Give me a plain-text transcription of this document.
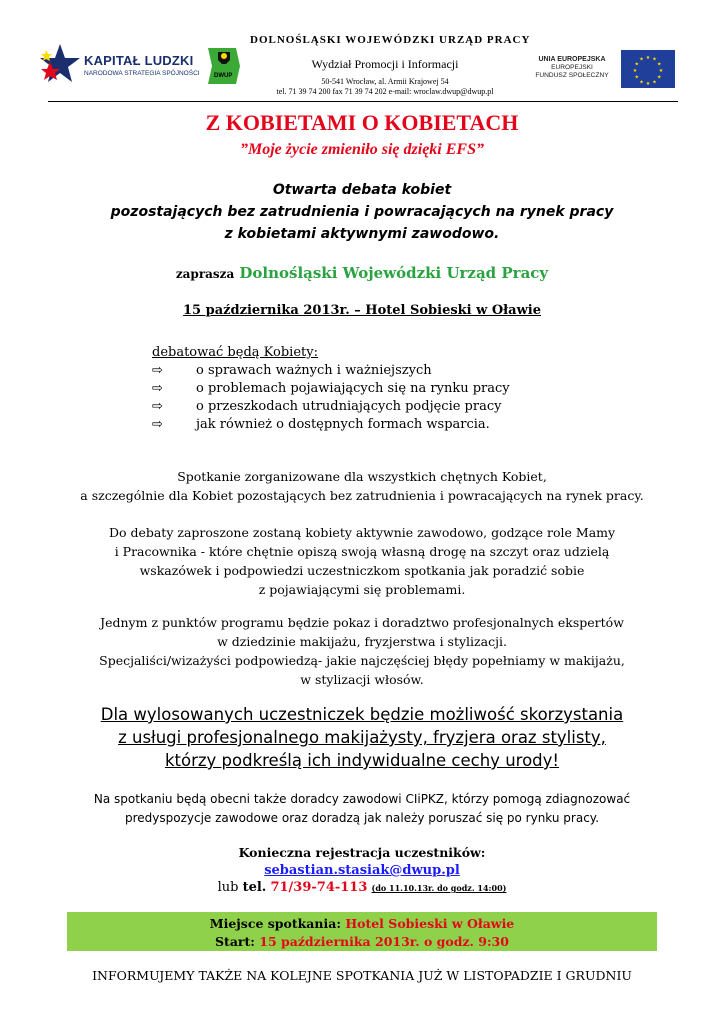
KAPITAŁ LUDZKI
NARODOWA STRATEGIA SPÓJNOŚCI DWUP
DOLNOŚLĄSKI WOJEWÓDZKI URZĄD PRACY
Wydział Promocji i Informacji
50-541 Wrocław, al. Armii Krajowej 54
tel. 71 39 74 200 fax 71 39 74 202 e-mail: wroclaw.dwup@dwup.pl
UNIA EUROPEJSKA
EUROPEJSKI
FUNDUSZ SPOŁECZNY
★ ★
★
★
★
★
★
★
★
★
★
★
Z KOBIETAMI O KOBIETACH
”Moje życie zmieniło się dzięki EFS”
Otwarta debata kobiet
pozostających bez zatrudnienia i powracających na rynek pracy
z kobietami aktywnymi zawodowo.
zaprasza Dolnośląski Wojewódzki Urząd Pracy
15 października 2013r. – Hotel Sobieski w Oławie
debatować będą Kobiety:
⇨	o sprawach ważnych i ważniejszych
⇨	o problemach pojawiających się na rynku pracy
⇨	o przeszkodach utrudniających podjęcie pracy
⇨	jak również o dostępnych formach wsparcia.
Spotkanie zorganizowane dla wszystkich chętnych Kobiet,
a szczególnie dla Kobiet pozostających bez zatrudnienia i powracających na rynek pracy.
Do debaty zaproszone zostaną kobiety aktywnie zawodowo, godzące role Mamy
i Pracownika - które chętnie opiszą swoją własną drogę na szczyt oraz udzielą
wskazówek i podpowiedzi uczestniczkom spotkania jak poradzić sobie
z pojawiającymi się problemami.
Jednym z punktów programu będzie pokaz i doradztwo profesjonalnych ekspertów
w dziedzinie makijażu, fryzjerstwa i stylizacji.
Specjaliści/wizażyści podpowiedzą- jakie najczęściej błędy popełniamy w makijażu,
w stylizacji włosów.
Dla wylosowanych uczestniczek będzie możliwość skorzystania
z usługi profesjonalnego makijażysty, fryzjera oraz stylisty,
którzy podkreślą ich indywidualne cechy urody!
Na spotkaniu będą obecni także doradcy zawodowi CIiPKZ, którzy pomogą zdiagnozować
predyspozycje zawodowe oraz doradzą jak należy poruszać się po rynku pracy.
Konieczna rejestracja uczestników:
sebastian.stasiak@dwup.pl
lub tel. 71/39-74-113 (do 11.10.13r. do godz. 14:00)
Miejsce spotkania: Hotel Sobieski w Oławie
Start: 15 października 2013r. o godz. 9:30
INFORMUJEMY TAKŻE NA KOLEJNE SPOTKANIA JUŻ W LISTOPADZIE I GRUDNIU
